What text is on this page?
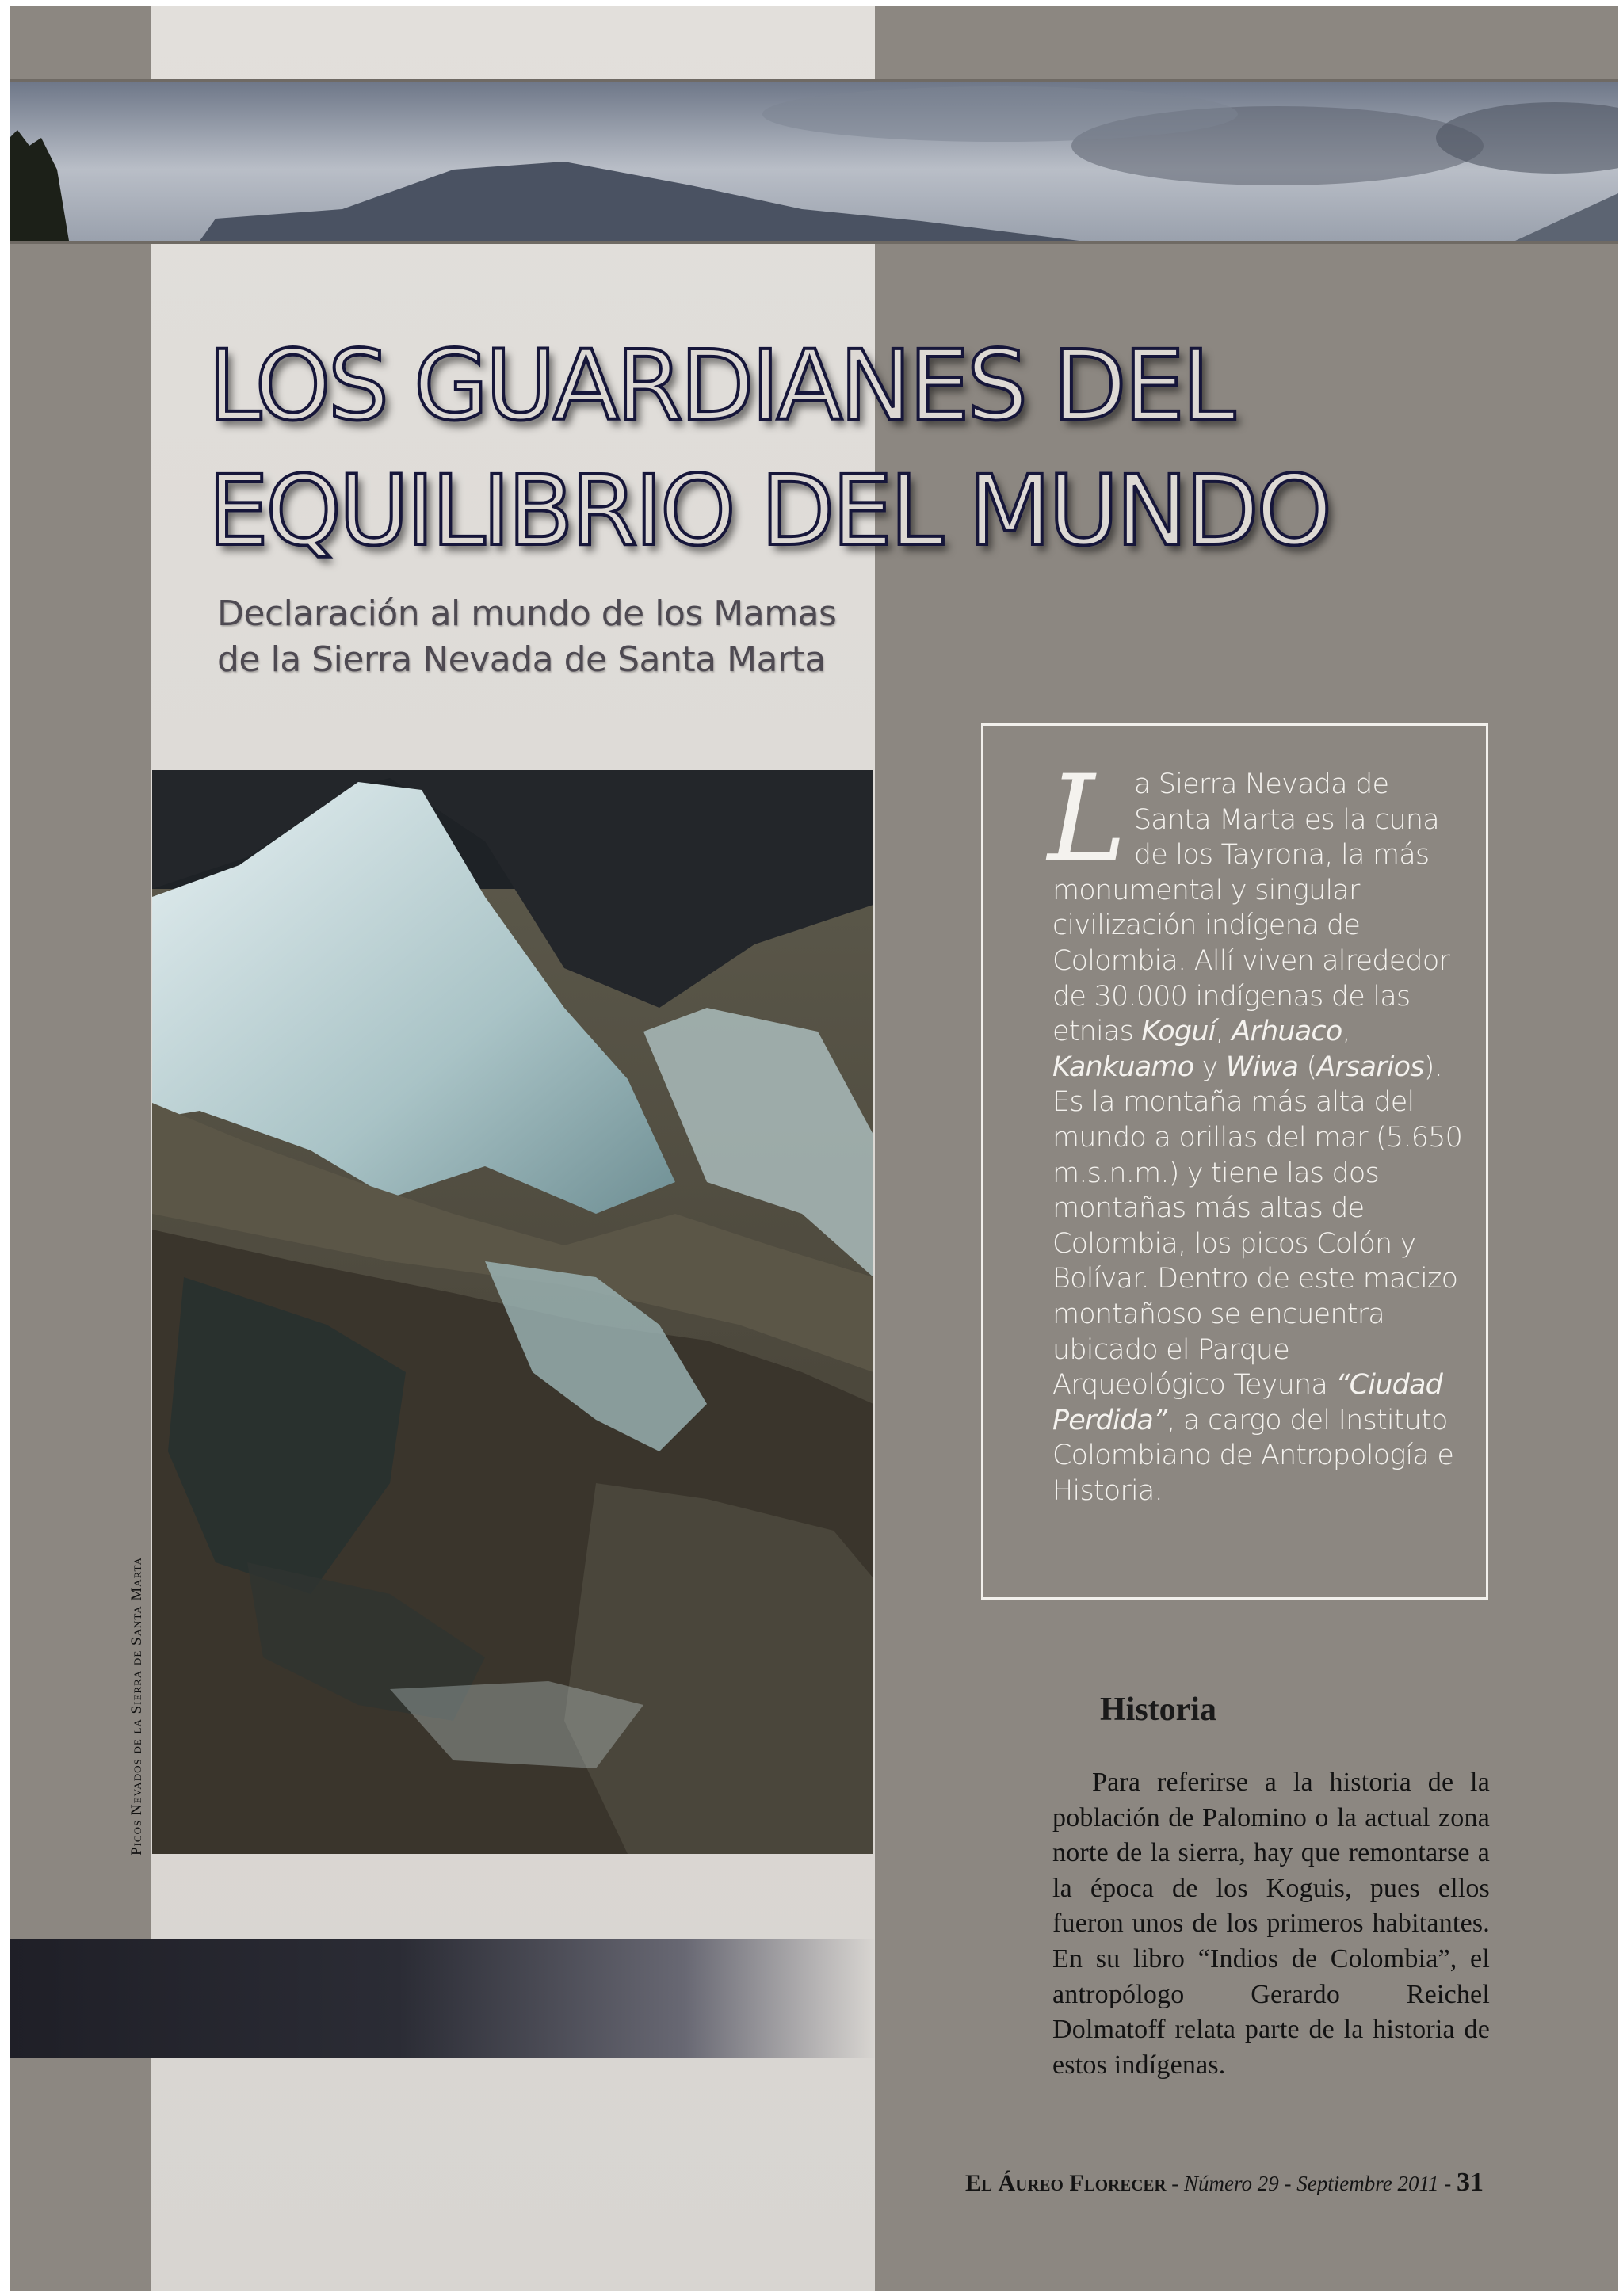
LOS GUARDIANES DEL
EQUILIBRIO DEL MUNDO
Declaración al mundo de los Mamas
de la Sierra Nevada de Santa Marta
Picos Nevados de la Sierra de Santa Marta
La Sierra Nevada de Santa Marta es la cuna de los Tayrona, la más monumental y singular civilización indígena de Colombia. Allí viven alrededor de 30.000 indígenas de las etnias Koguí, Arhuaco, Kankuamo y Wiwa (Arsarios). Es la montaña más alta del mundo a orillas del mar (5.650 m.s.n.m.) y tiene las dos montañas más altas de Colombia, los picos Colón y Bolívar. Dentro de este macizo montañoso se encuentra ubicado el Parque Arqueológico Teyuna “Ciudad Perdida”, a cargo del Instituto Colombiano de Antropología e Historia.
Historia

Para referirse a la historia de la población de Palomino o la actual zona norte de la sierra, hay que remontarse a la época de los Koguis, pues ellos fueron unos de los primeros habitantes. En su libro “Indios de Colombia”, el antropólogo Gerardo Reichel Dolmatoff relata parte de la historia de estos indígenas.

El Áureo Florecer - Número 29 - Septiembre 2011 - 31
